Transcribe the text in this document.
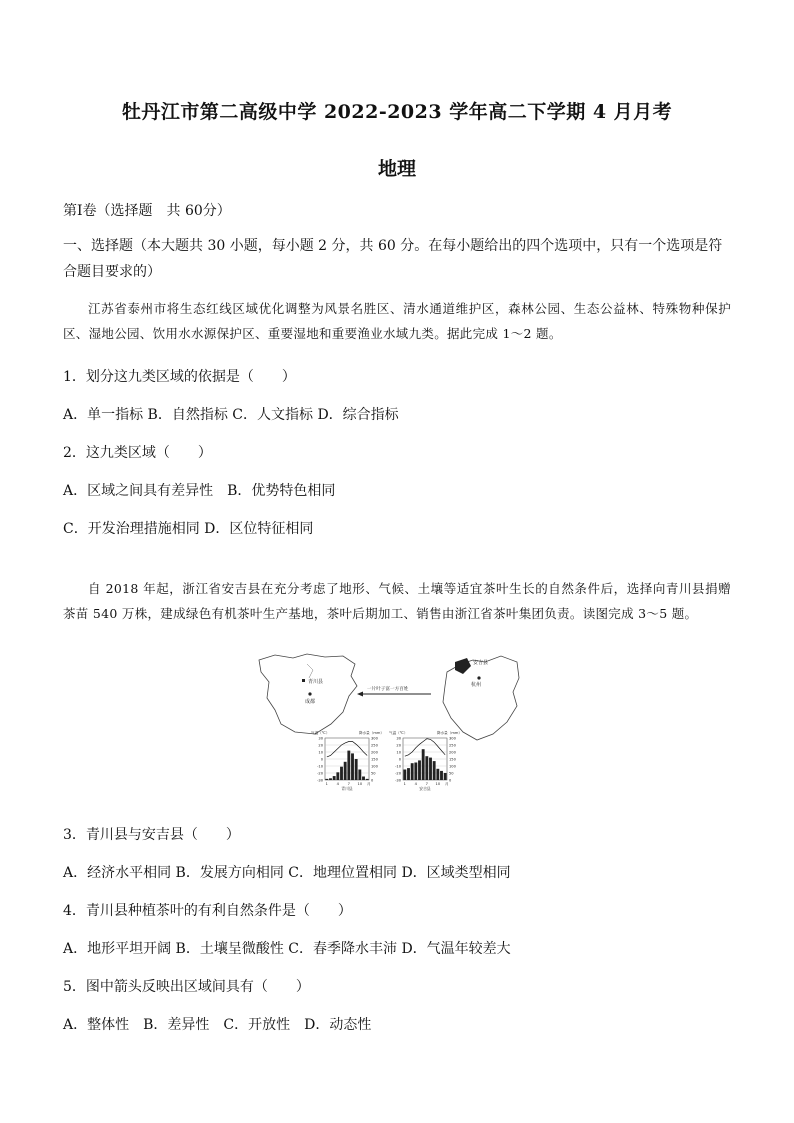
牡丹江市第二高级中学 2022-2023 学年高二下学期 4 月月考
地理
第Ⅰ卷（选择题　共 60分）
一、选择题（本大题共 30 小题，每小题 2 分，共 60 分。在每小题给出的四个选项中，只有一个选项是符合题目要求的）
江苏省泰州市将生态红线区域优化调整为风景名胜区、清水通道维护区，森林公园、生态公益林、特殊物种保护区、湿地公园、饮用水水源保护区、重要湿地和重要渔业水域九类。据此完成 1～2 题。
1．划分这九类区域的依据是（　　）
A．单一指标 B．自然指标 C．人文指标 D．综合指标
2．这九类区域（　　）
A．区域之间具有差异性　B．优势特色相同
C．开发治理措施相同 D．区位特征相同
自 2018 年起，浙江省安吉县在充分考虑了地形、气候、土壤等适宜茶叶生长的自然条件后，选择向青川县捐赠茶苗 540 万株，建成绿色有机茶叶生产基地，茶叶后期加工、销售由浙江省茶叶集团负责。读图完成 3～5 题。
青川县
成都
安吉县
杭州
一片叶子富一方百姓
气温（℃）	降水量（mm）
30
20
10
0
-10
-20
-30
300
250
200
150
100
50
0
1 4 7 10 月
青川县
气温（℃）	降水量（mm）
30
20
10
0
-10
-20
-30
300
250
200
150
100
50
0
1 4 7 10 月
安吉县
3．青川县与安吉县（　　）
A．经济水平相同 B．发展方向相同 C．地理位置相同 D．区域类型相同
4．青川县种植茶叶的有利自然条件是（　　）
A．地形平坦开阔 B．土壤呈微酸性 C．春季降水丰沛 D．气温年较差大
5．图中箭头反映出区域间具有（　　）
A．整体性　B．差异性　C．开放性　D．动态性
